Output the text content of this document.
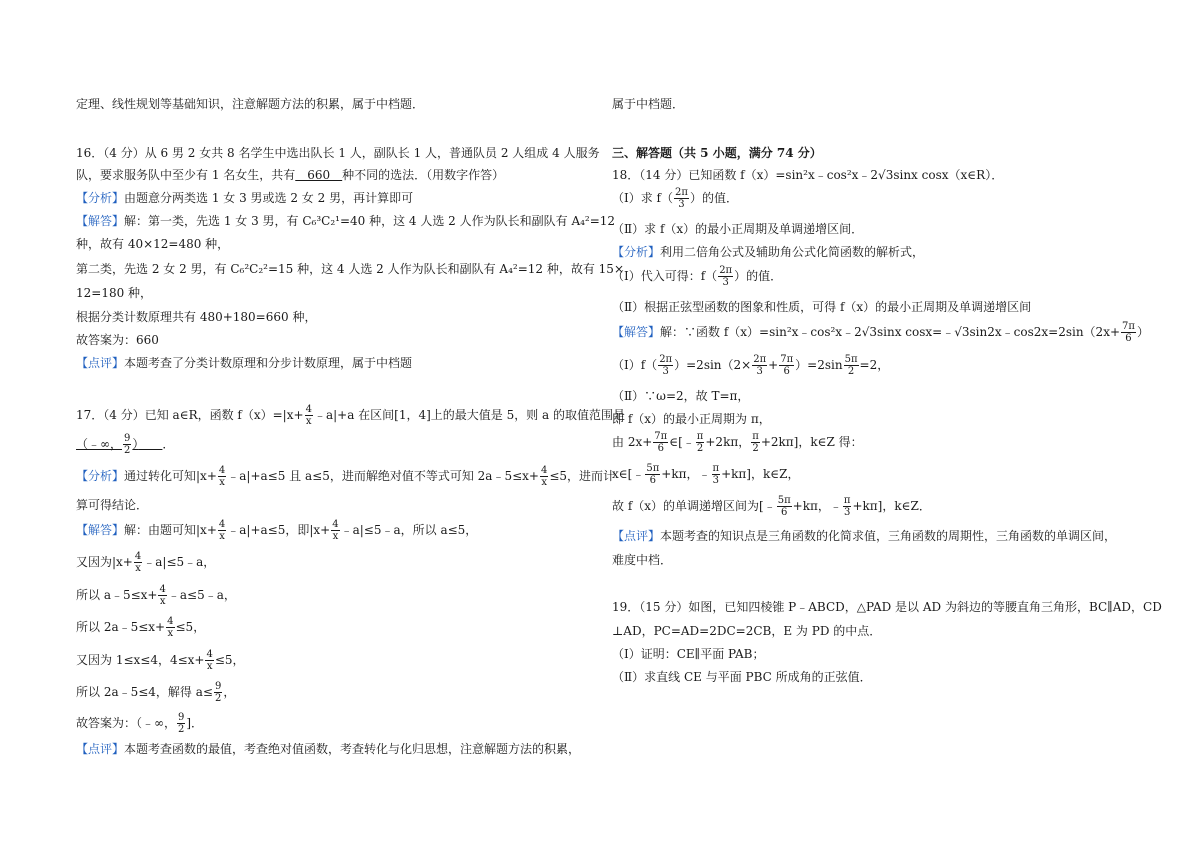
定理、线性规划等基础知识，注意解题方法的积累，属于中档题．
16．（4 分）从 6 男 2 女共 8 名学生中选出队长 1 人，副队长 1 人，普通队员 2 人组成 4 人服务
队，要求服务队中至少有 1 名女生，共有　660　种不同的选法．（用数字作答）
【分析】由题意分两类选 1 女 3 男或选 2 女 2 男，再计算即可
【解答】解：第一类，先选 1 女 3 男，有 C₆³C₂¹=40 种，这 4 人选 2 人作为队长和副队有 A₄²=12
种，故有 40×12=480 种，
第二类，先选 2 女 2 男，有 C₆²C₂²=15 种，这 4 人选 2 人作为队长和副队有 A₄²=12 种，故有 15×
12=180 种，
根据分类计数原理共有 480+180=660 种，
故答案为：660
【点评】本题考查了分类计数原理和分步计数原理，属于中档题
17．（4 分）已知 a∈R，函数 $f(x)=|x+ \frac{4}{x}$ ﹣a|+a 在区间[1，4]上的最大值是 5，则 a 的取值范围是
（﹣∞， $\frac{9}{2}$ ）　　 ．
【分析】通过转化可知$|x+ \frac{4}{x}$ ﹣a|+a≤5 且 a≤5，进而解绝对值不等式可知 2a﹣5≤x+ $\frac{4}{x} \le 5$，进而计
算可得结论．
【解答】解：由题可知$|x+ \frac{4}{x}$ ﹣a|+a≤5，即$|x+ \frac{4}{x}$ ﹣a|≤5﹣a，所以 a≤5，
又因为$|x+ \frac{4}{x}$ ﹣a|≤5﹣a，
所以 a﹣5≤x+ $\frac{4}{x}$ ﹣a≤5﹣a，
所以 2a﹣5≤x+ $\frac{4}{x} \le 5$，
又因为 1≤x≤4，$4\le x+ \frac{4}{x} \le 5$，
所以 2a﹣5≤4，解得 $a\le \frac{9}{2}$ ，
故答案为：（﹣∞， $\frac{9}{2}$ ]．
【点评】本题考查函数的最值，考查绝对值函数，考查转化与化归思想，注意解题方法的积累，
属于中档题．
三、解答题（共 5 小题，满分 74 分）
18．（14 分）已知函数 f（x）=sin²x﹣cos²x﹣2√3sinx cosx（x∈R）．
（Ⅰ）求 $f( \frac{2\pi}{3}$ ）的值．
（Ⅱ）求 f（x）的最小正周期及单调递增区间．
【分析】利用二倍角公式及辅助角公式化简函数的解析式，
（Ⅰ）代入可得：$f( \frac{2\pi}{3}$ ）的值．
（Ⅱ）根据正弦型函数的图象和性质，可得 f（x）的最小正周期及单调递增区间
【解答】解：∵函数 f（x）=sin²x﹣cos²x﹣2√3sinx cosx=﹣√3sin2x﹣cos2x=2sin（2x+ $\frac{7\pi}{6}$ ）
（Ⅰ）f（ $\frac{2\pi}{3} )=2\sin(2\times \frac{2\pi}{3} + \frac{7\pi}{6} )=2\sin \frac{5\pi}{2} =2$，
（Ⅱ）∵ω=2，故 T=π，
即 f（x）的最小正周期为 π，
由 $2x+ \frac{7\pi}{6}$ ∈[﹣ $\frac{\pi}{2} +2k\pi$， $\frac{\pi}{2} +2k\pi$]，k∈Z 得：
x∈[﹣ $\frac{5\pi}{6} +k\pi$，﹣ $\frac{\pi}{3} +k\pi$]，k∈Z，
故 f（x）的单调递增区间为[﹣ $\frac{5\pi}{6} +k\pi$，﹣ $\frac{\pi}{3} +k\pi$]，k∈Z．
【点评】本题考查的知识点是三角函数的化简求值，三角函数的周期性，三角函数的单调区间，
难度中档．
19．（15 分）如图，已知四棱锥 P﹣ABCD，△PAD 是以 AD 为斜边的等腰直角三角形，BC∥AD，CD
⊥AD，PC=AD=2DC=2CB，E 为 PD 的中点．
（Ⅰ）证明：CE∥平面 PAB；
（Ⅱ）求直线 CE 与平面 PBC 所成角的正弦值．
